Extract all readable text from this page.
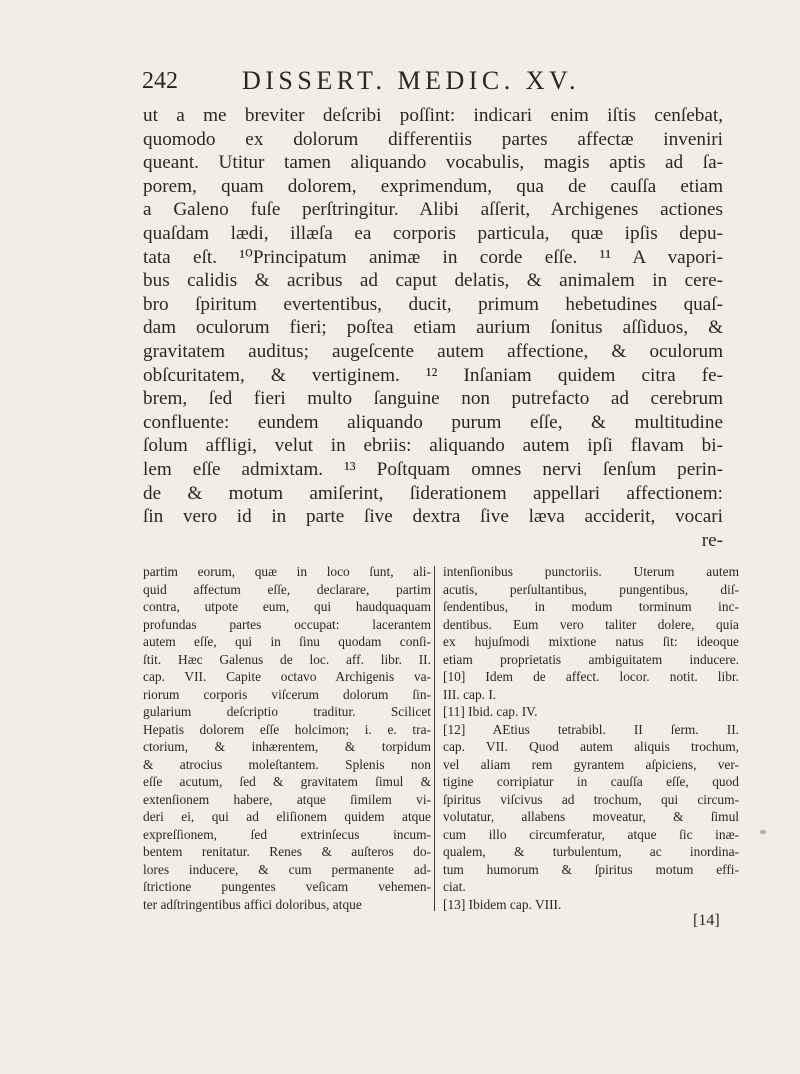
242 DISSERT. MEDIC. XV.
ut a me breviter deſcribi poſſint: indicari enim iſtis cenſebat,
quomodo ex dolorum differentiis partes affectæ inveniri
queant. Utitur tamen aliquando vocabulis, magis aptis ad ſa-
porem, quam dolorem, exprimendum, qua de cauſſa etiam
a Galeno fuſe perſtringitur. Alibi aſſerit, Archigenes actiones
quaſdam lædi, illæſa ea corporis particula, quæ ipſis depu-
tata eſt. ¹⁰Principatum animæ in corde eſſe. ¹¹ A vapori-
bus calidis & acribus ad caput delatis, & animalem in cere-
bro ſpiritum evertentibus, ducit, primum hebetudines quaſ-
dam oculorum fieri; poſtea etiam aurium ſonitus aſſiduos, &
gravitatem auditus; augeſcente autem affectione, & oculorum
obſcuritatem, & vertiginem. ¹² Inſaniam quidem citra fe-
brem, ſed fieri multo ſanguine non putrefacto ad cerebrum
confluente: eundem aliquando purum eſſe, & multitudine
ſolum affligi, velut in ebriis: aliquando autem ipſi flavam bi-
lem eſſe admixtam. ¹³ Poſtquam omnes nervi ſenſum perin-
de & motum amiſerint, ſiderationem appellari affectionem:
ſin vero id in parte ſive dextra ſive læva acciderit, vocari
re-
partim eorum, quæ in loco ſunt, ali-
quid affectum eſſe, declarare, partim
contra, utpote eum, qui haudquaquam
profundas partes occupat: lacerantem
autem eſſe, qui in ſinu quodam conſi-
ſtit. Hæc Galenus de loc. aff. libr. II.
cap. VII. Capite octavo Archigenis va-
riorum corporis viſcerum dolorum ſin-
gularium deſcriptio traditur. Scilicet
Hepatis dolorem eſſe holcimon; i. e. tra-
ctorium, & inhærentem, & torpidum
& atrocius moleſtantem. Splenis non
eſſe acutum, ſed & gravitatem ſimul &
extenſionem habere, atque ſimilem vi-
deri ei, qui ad eliſionem quidem atque
expreſſionem, ſed extrinſecus incum-
bentem renitatur. Renes & auſteros do-
lores inducere, & cum permanente ad-
ſtrictione pungentes veſicam vehemen-
ter adſtringentibus affici doloribus, atque
intenſionibus punctoriis. Uterum autem
acutis, perſultantibus, pungentibus, diſ-
ſendentibus, in modum torminum inc-
dentibus. Eum vero taliter dolere, quia
ex hujuſmodi mixtione natus ſit: ideoque
etiam proprietatis ambiguitatem inducere.
[10] Idem de affect. locor. notit. libr.
III. cap. I.
[11] Ibid. cap. IV.
[12] AEtius tetrabibl. II ſerm. II.
cap. VII. Quod autem aliquis trochum,
vel aliam rem gyrantem aſpiciens, ver-
tigine corripiatur in cauſſa eſſe, quod
ſpiritus viſcivus ad trochum, qui circum-
volutatur, allabens moveatur, & ſimul
cum illo circumferatur, atque ſic inæ-
qualem, & turbulentum, ac inordina-
tum humorum & ſpiritus motum effi-
ciat.
[13] Ibidem cap. VIII.
[14]
